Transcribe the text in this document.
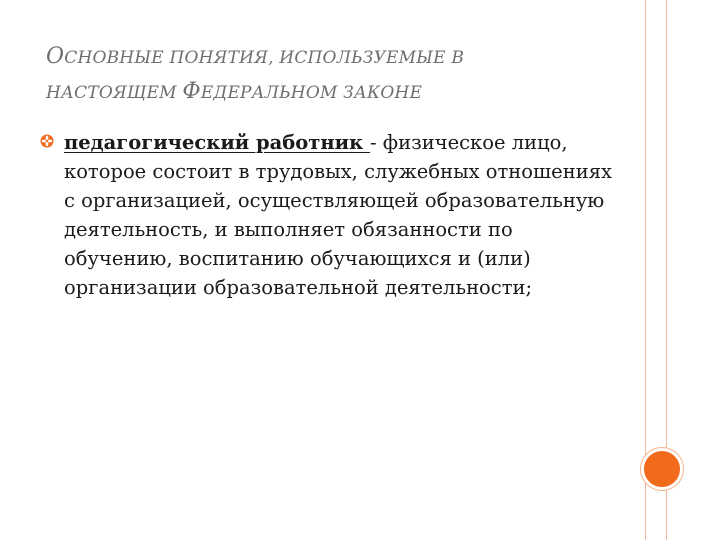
ОСНОВНЫЕ ПОНЯТИЯ, ИСПОЛЬЗУЕМЫЕ В
НАСТОЯЩЕМ ФЕДЕРАЛЬНОМ ЗАКОНЕ
педагогический работник - физическое лицо, которое состоит в трудовых, служебных отношениях с организацией, осуществляющей образовательную деятельность, и выполняет обязанности по обучению, воспитанию обучающихся и (или) организации образовательной деятельности;
